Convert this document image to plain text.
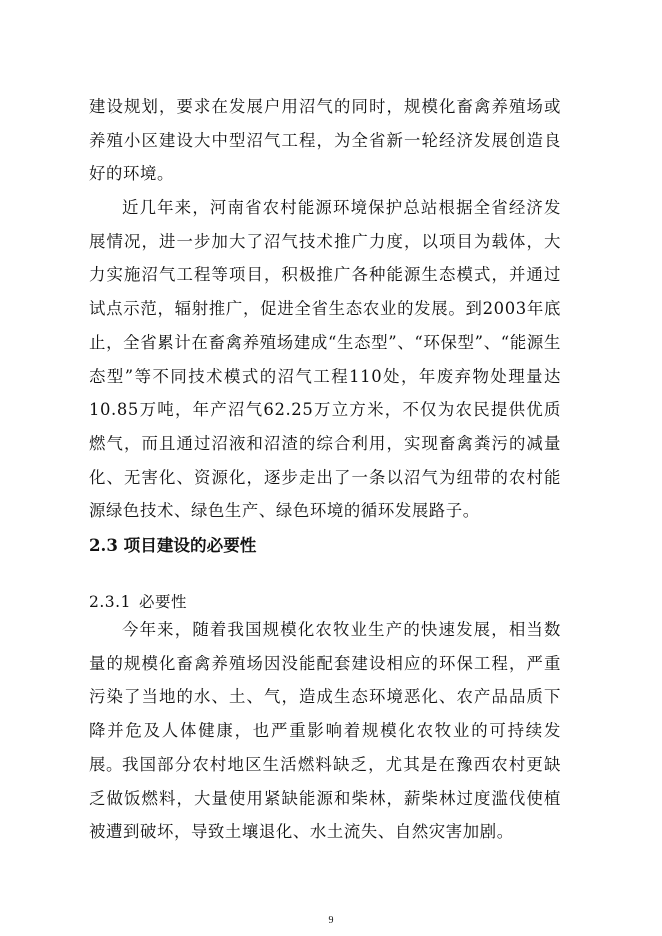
建设规划，要求在发展户用沼气的同时，规模化畜禽养殖场或养殖小区建设大中型沼气工程，为全省新一轮经济发展创造良好的环境。

近几年来，河南省农村能源环境保护总站根据全省经济发展情况，进一步加大了沼气技术推广力度，以项目为载体，大力实施沼气工程等项目，积极推广各种能源生态模式，并通过试点示范，辐射推广，促进全省生态农业的发展。到2003年底止，全省累计在畜禽养殖场建成“生态型”、“环保型”、“能源生态型”等不同技术模式的沼气工程110处，年废弃物处理量达10.85万吨，年产沼气62.25万立方米，不仅为农民提供优质燃气，而且通过沼液和沼渣的综合利用，实现畜禽粪污的减量化、无害化、资源化，逐步走出了一条以沼气为纽带的农村能源绿色技术、绿色生产、绿色环境的循环发展路子。

2.3 项目建设的必要性
2.3.1 必要性

今年来，随着我国规模化农牧业生产的快速发展，相当数量的规模化畜禽养殖场因没能配套建设相应的环保工程，严重污染了当地的水、土、气，造成生态环境恶化、农产品品质下降并危及人体健康，也严重影响着规模化农牧业的可持续发展。 我国部分农村地区生活燃料缺乏，尤其是在豫西农村更缺乏做饭燃料，大量使用紧缺能源和柴林，薪柴林过度滥伐使植被遭到破坏，导致土壤退化、水土流失、自然灾害加剧。

9
